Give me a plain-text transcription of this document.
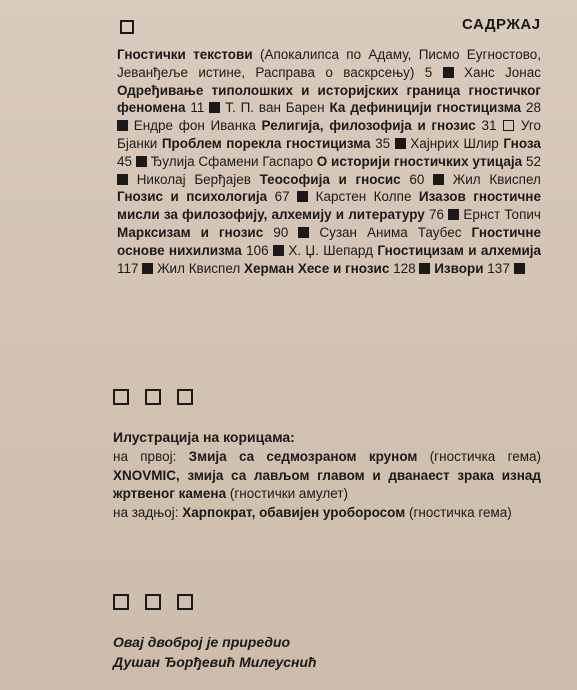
САДРЖАЈ
Гностички текстови (Апокалипса по Адаму, Писмо Еугностово, Јеванђеље истине, Расправа о васкрсењу) 5 Ханс Јонас Одређивање типолошких и историјских граница гностичког феномена 11 Т. П. ван Барен Ка дефиницији гностицизма 28  Ендре фон Иванка Религија, филозофија и гнозис 31 Уго Бјанки Проблем порекла гностицизма 35 Хајнрих Шлир Гноза 45 Ђулија Сфамени Гаспаро О историји гностичких утицаја 52  Николај Берђајев Теософија и гносис 60 Жил Квиспел Гнозис и психологија 67 Карстен Колпе Изазов гностичне мисли за филозофију, алхемију и литературу 76 Ернст Топич Марксизам и гнозис 90 Сузан Анима Таубес Гностичне основе нихилизма 106 Х. Џ. Шепард Гностицизам и алхемија 117 Жил Квиспел Херман Хесе и гнозис 128 Извори 137
Илустрација на корицама:
на првој: Змија са седмозраном круном (гностичка гема) XNOVMIC, змија са лављом главом и дванаест зрака изнад жртвеног камена (гностички амулет)
на задњој: Харпократ, обавијен уроборосом (гностичка гема)
Овај двоброј је приредио
Душан Ђорђевић Милеуснић
